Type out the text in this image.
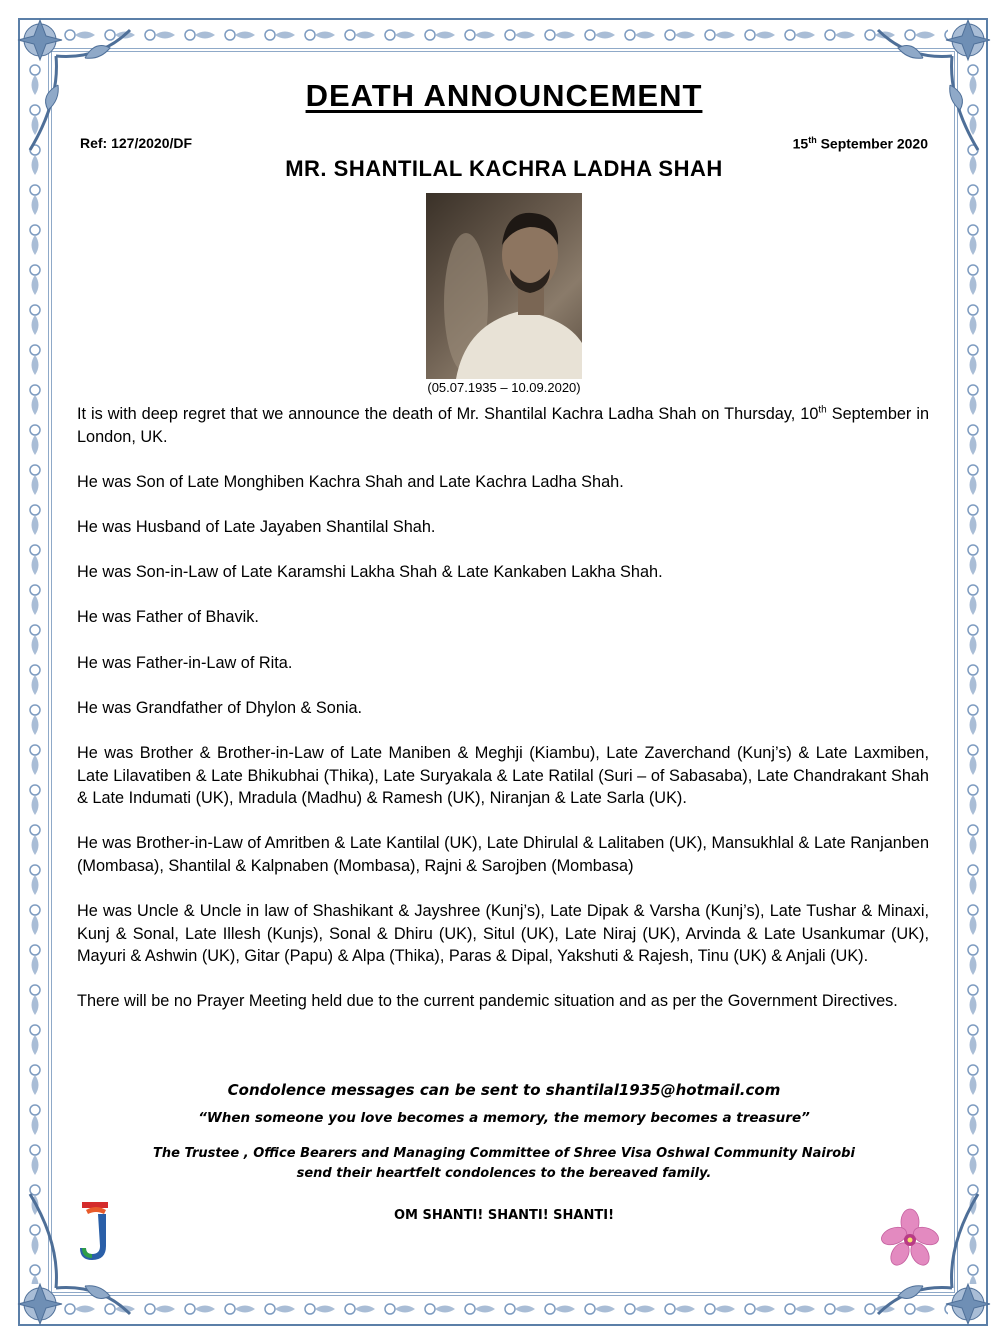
DEATH ANNOUNCEMENT
Ref: 127/2020/DF	15th September 2020
MR. SHANTILAL KACHRA LADHA SHAH
(05.07.1935 – 10.09.2020)

It is with deep regret that we announce the death of Mr. Shantilal Kachra Ladha Shah on Thursday, 10th September in London, UK.

He was Son of Late Monghiben Kachra Shah and Late Kachra Ladha Shah.

He was Husband of Late Jayaben Shantilal Shah.

He was Son-in-Law of Late Karamshi Lakha Shah & Late Kankaben Lakha Shah.

He was Father of Bhavik.

He was Father-in-Law of Rita.

He was Grandfather of Dhylon & Sonia.

He was Brother & Brother-in-Law of Late Maniben & Meghji (Kiambu), Late Zaverchand (Kunj’s) & Late Laxmiben, Late Lilavatiben & Late Bhikubhai (Thika), Late Suryakala & Late Ratilal (Suri – of Sabasaba), Late Chandrakant Shah & Late Indumati (UK), Mradula (Madhu) & Ramesh (UK), Niranjan & Late Sarla (UK).

He was Brother-in-Law of Amritben & Late Kantilal (UK), Late Dhirulal & Lalitaben (UK), Mansukhlal & Late Ranjanben (Mombasa), Shantilal & Kalpnaben (Mombasa), Rajni & Sarojben (Mombasa)

He was Uncle & Uncle in law of Shashikant & Jayshree (Kunj’s), Late Dipak & Varsha (Kunj’s), Late Tushar & Minaxi, Kunj & Sonal, Late Illesh (Kunjs), Sonal & Dhiru (UK), Situl (UK), Late Niraj (UK), Arvinda & Late Usankumar (UK), Mayuri & Ashwin (UK), Gitar (Papu) & Alpa (Thika), Paras & Dipal, Yakshuti & Rajesh, Tinu (UK) & Anjali (UK).

There will be no Prayer Meeting held due to the current pandemic situation and as per the Government Directives.

Condolence messages can be sent to shantilal1935@hotmail.com
“When someone you love becomes a memory, the memory becomes a treasure”
The Trustee , Office Bearers and Managing Committee of Shree Visa Oshwal Community Nairobi
send their heartfelt condolences to the bereaved family.
OM SHANTI! SHANTI! SHANTI!
